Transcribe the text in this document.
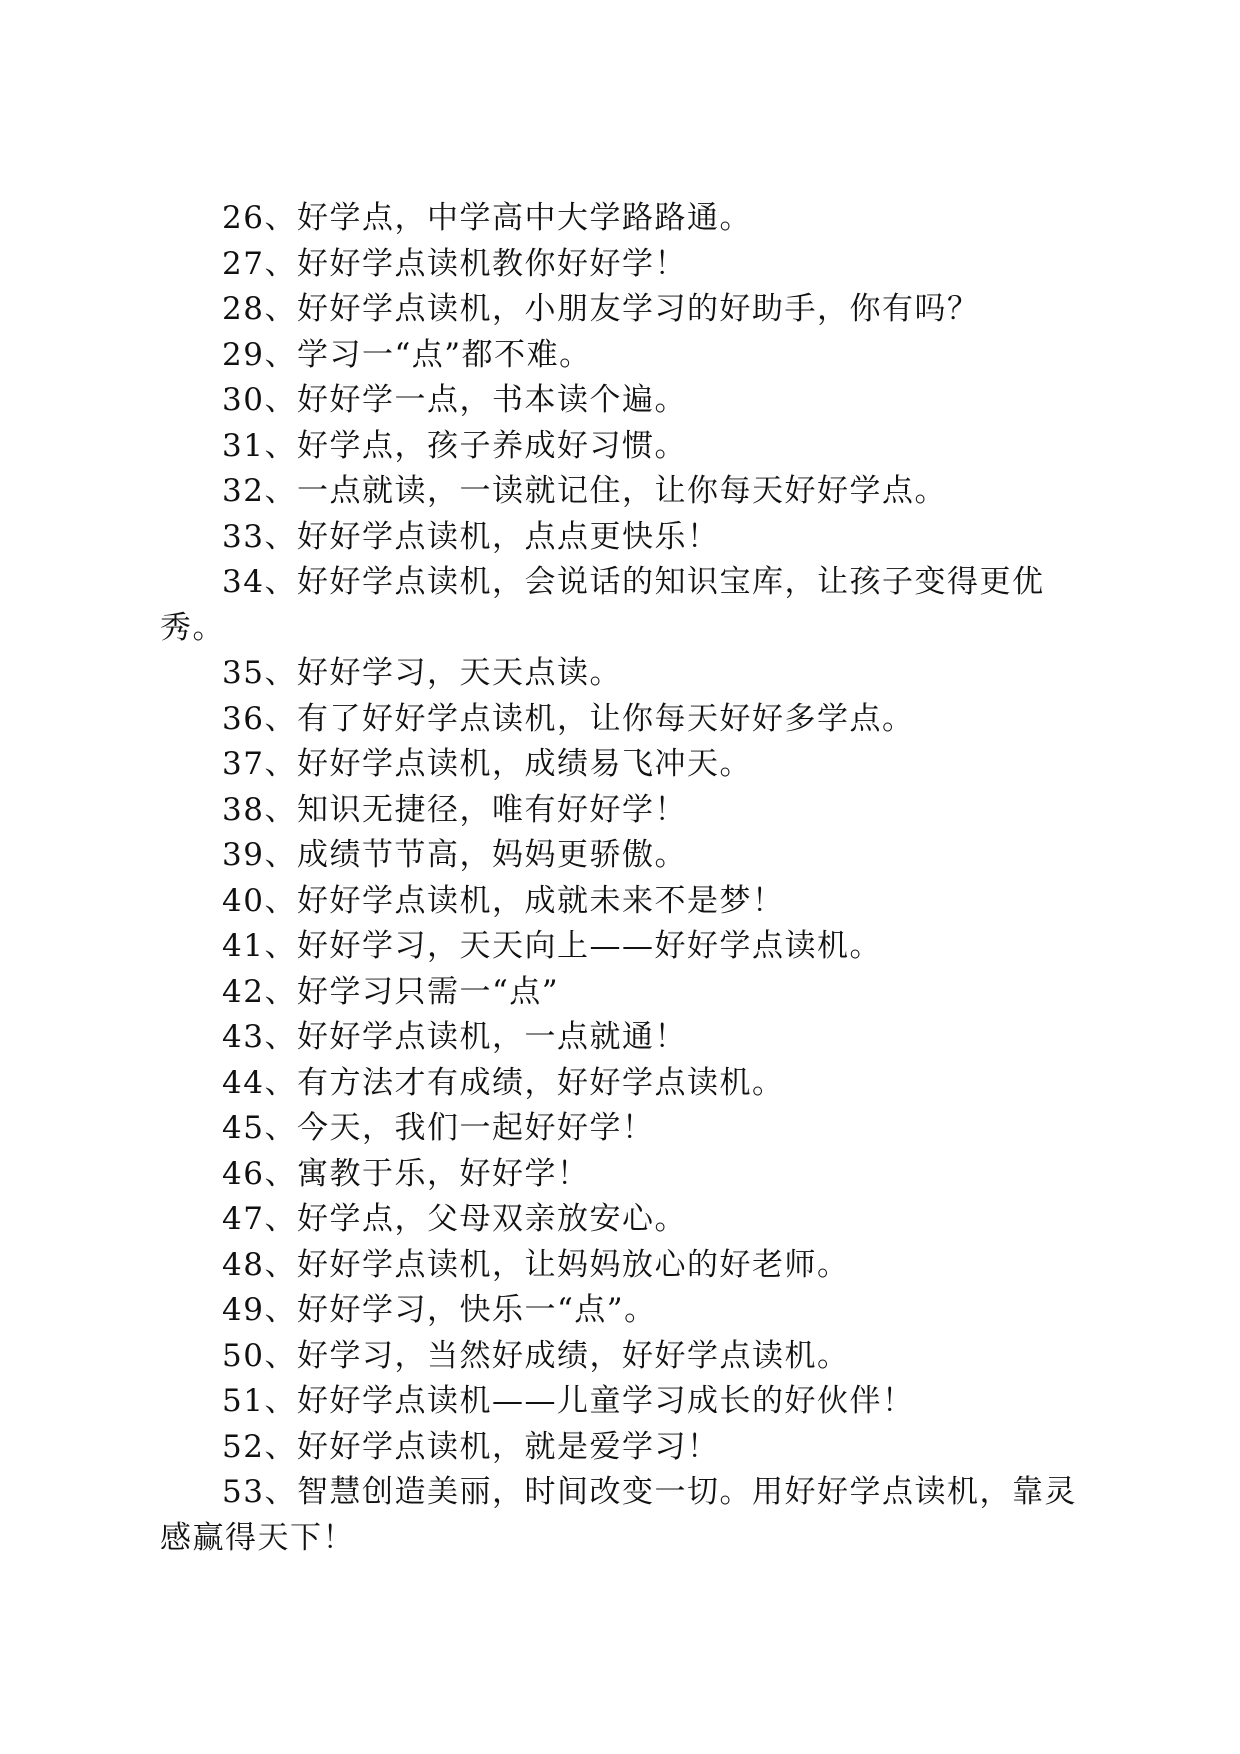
26、好学点，中学高中大学路路通。

27、好好学点读机教你好好学！

28、好好学点读机，小朋友学习的好助手，你有吗？

29、学习一“点”都不难。

30、好好学一点，书本读个遍。

31、好学点，孩子养成好习惯。

32、一点就读，一读就记住，让你每天好好学点。

33、好好学点读机，点点更快乐！

34、好好学点读机，会说话的知识宝库，让孩子变得更优秀。

35、好好学习，天天点读。

36、有了好好学点读机，让你每天好好多学点。

37、好好学点读机，成绩易飞冲天。

38、知识无捷径，唯有好好学！

39、成绩节节高，妈妈更骄傲。

40、好好学点读机，成就未来不是梦！

41、好好学习，天天向上——好好学点读机。

42、好学习只需一“点”

43、好好学点读机，一点就通！

44、有方法才有成绩，好好学点读机。

45、今天，我们一起好好学！

46、寓教于乐，好好学！

47、好学点，父母双亲放安心。

48、好好学点读机，让妈妈放心的好老师。

49、好好学习，快乐一“点”。

50、好学习，当然好成绩，好好学点读机。

51、好好学点读机——儿童学习成长的好伙伴！

52、好好学点读机，就是爱学习！

53、智慧创造美丽，时间改变一切。用好好学点读机，靠灵感赢得天下！
